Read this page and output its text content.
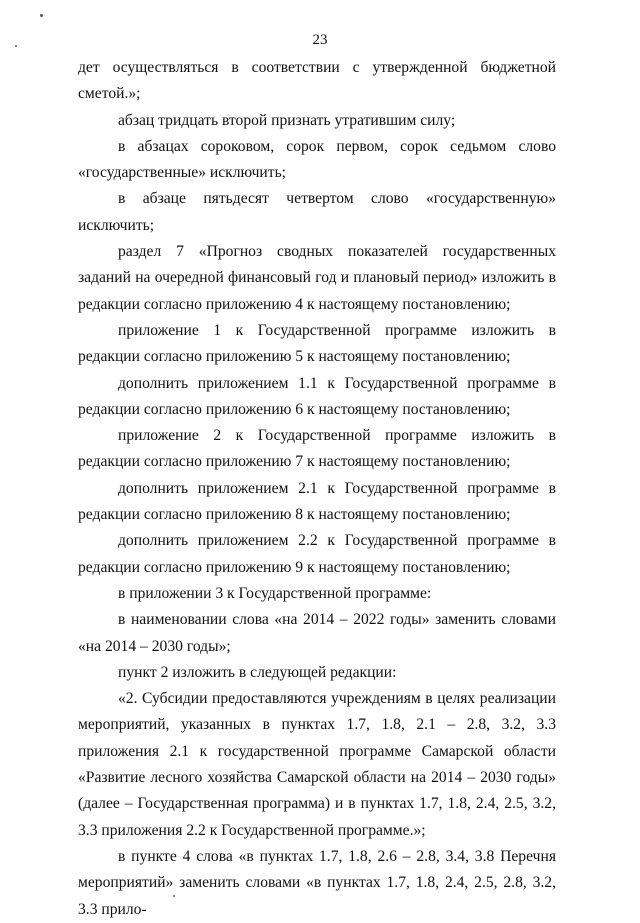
23

дет осуществляться в соответствии с утвержденной бюджетной сметой.»;

абзац тридцать второй признать утратившим силу;

в абзацах сороковом, сорок первом, сорок седьмом слово «государственные» исключить;

в абзаце пятьдесят четвертом слово «государственную» исключить;

раздел 7 «Прогноз сводных показателей государственных заданий на очередной финансовый год и плановый период» изложить в редакции согласно приложению 4 к настоящему постановлению;

приложение 1 к Государственной программе изложить в редакции согласно приложению 5 к настоящему постановлению;

дополнить приложением 1.1 к Государственной программе в редакции согласно приложению 6 к настоящему постановлению;

приложение 2 к Государственной программе изложить в редакции согласно приложению 7 к настоящему постановлению;

дополнить приложением 2.1 к Государственной программе в редакции согласно приложению 8 к настоящему постановлению;

дополнить приложением 2.2 к Государственной программе в редакции согласно приложению 9 к настоящему постановлению;

в приложении 3 к Государственной программе:

в наименовании слова «на 2014 – 2022 годы» заменить словами «на 2014 – 2030 годы»;

пункт 2 изложить в следующей редакции:

«2. Субсидии предоставляются учреждениям в целях реализации мероприятий, указанных в пунктах 1.7, 1.8, 2.1 – 2.8, 3.2, 3.3 приложения 2.1 к государственной программе Самарской области «Развитие лесного хозяйства Самарской области на 2014 – 2030 годы» (далее – Государственная программа) и в пунктах 1.7, 1.8, 2.4, 2.5, 3.2, 3.3 приложения 2.2 к Государственной программе.»;

в пункте 4 слова «в пунктах 1.7, 1.8, 2.6 – 2.8, 3.4, 3.8 Перечня мероприятий» заменить словами «в пунктах 1.7, 1.8, 2.4, 2.5, 2.8, 3.2, 3.3 прило-
